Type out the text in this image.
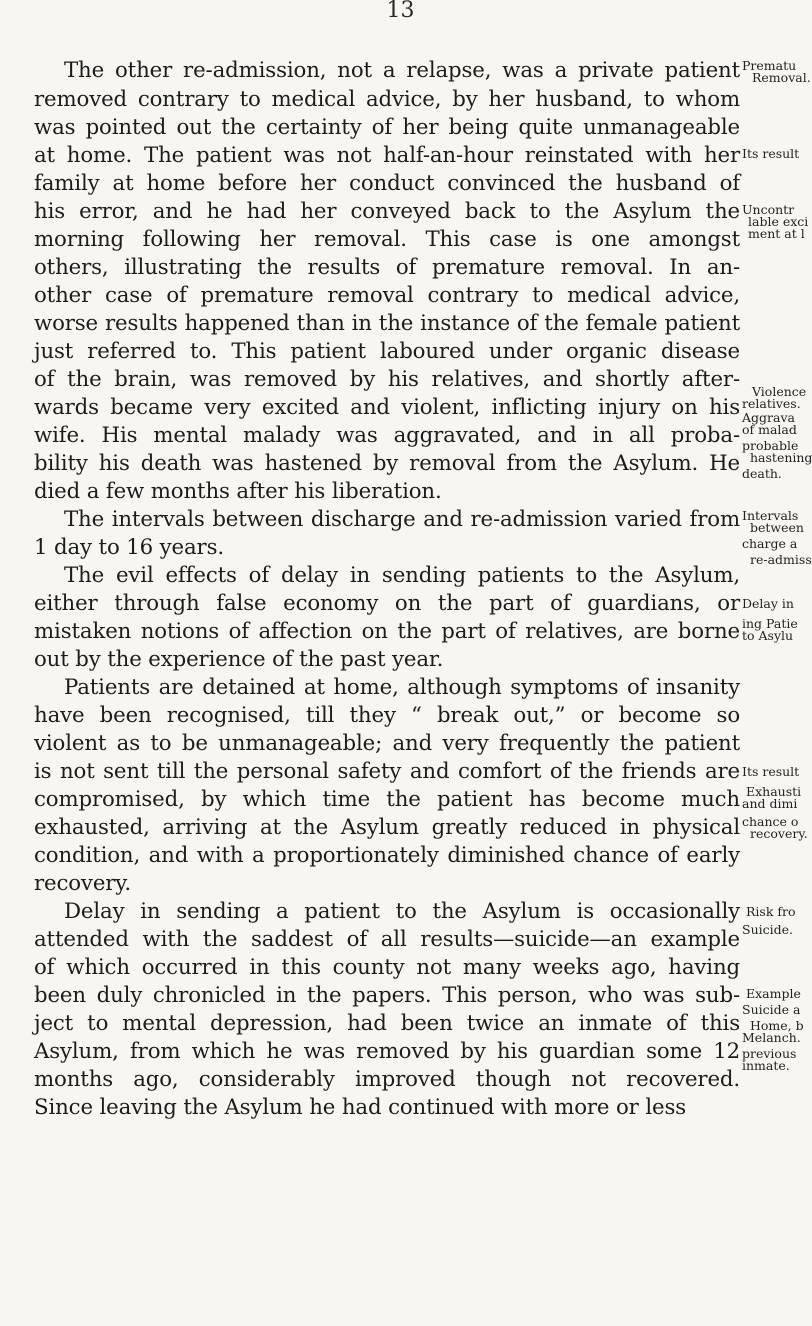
13
The other re-admission, not a relapse, was a private patient
removed contrary to medical advice, by her husband, to whom
was pointed out the certainty of her being quite unmanageable
at home. The patient was not half-an-hour reinstated with her
family at home before her conduct convinced the husband of
his error, and he had her conveyed back to the Asylum the
morning following her removal. This case is one amongst
others, illustrating the results of premature removal. In an-
other case of premature removal contrary to medical advice,
worse results happened than in the instance of the female patient
just referred to. This patient laboured under organic disease
of the brain, was removed by his relatives, and shortly after-
wards became very excited and violent, inflicting injury on his
wife. His mental malady was aggravated, and in all proba-
bility his death was hastened by removal from the Asylum. He
died a few months after his liberation.
The intervals between discharge and re-admission varied from
1 day to 16 years.
The evil effects of delay in sending patients to the Asylum,
either through false economy on the part of guardians, or
mistaken notions of affection on the part of relatives, are borne
out by the experience of the past year.
Patients are detained at home, although symptoms of insanity
have been recognised, till they “ break out,” or become so
violent as to be unmanageable; and very frequently the patient
is not sent till the personal safety and comfort of the friends are
compromised, by which time the patient has become much
exhausted, arriving at the Asylum greatly reduced in physical
condition, and with a proportionately diminished chance of early
recovery.
Delay in sending a patient to the Asylum is occasionally
attended with the saddest of all results—suicide—an example
of which occurred in this county not many weeks ago, having
been duly chronicled in the papers. This person, who was sub-
ject to mental depression, had been twice an inmate of this
Asylum, from which he was removed by his guardian some 12
months ago, considerably improved though not recovered.
Since leaving the Asylum he had continued with more or less
Prematu
Removal.
Its result
Uncontr
lable exci
ment at l
Violence
relatives.
Aggrava
of malad
probable
hastening
death.
Intervals
between
charge a
re-admiss
Delay in
ing Patie
to Asylu
Its result
Exhausti
and dimi
chance o
recovery.
Risk fro
Suicide.
Example
Suicide a
Home, b
Melanch.
previous
inmate.
